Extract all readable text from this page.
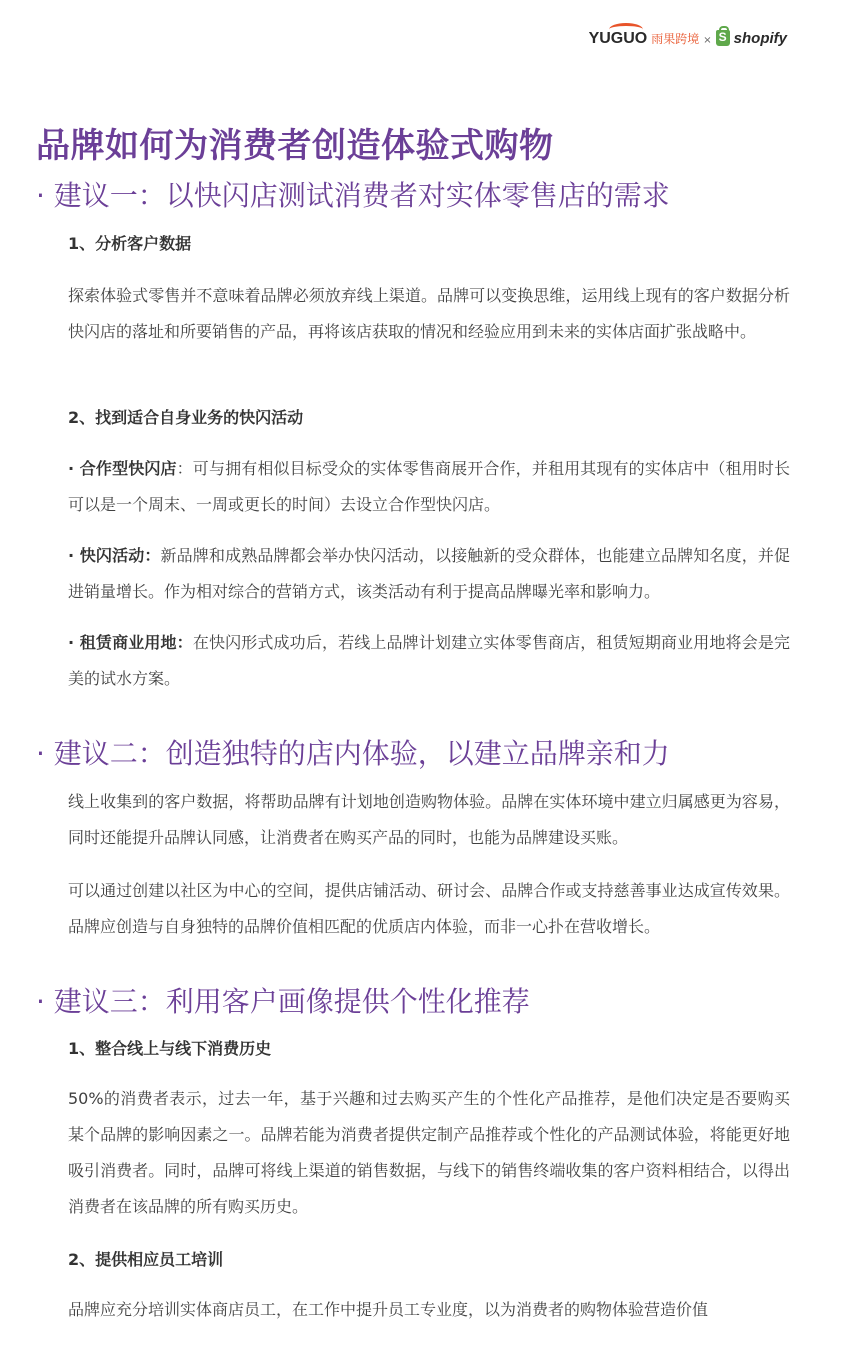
YUGUO 雨果跨境 ×
S shopify
品牌如何为消费者创造体验式购物
· 建议一：以快闪店测试消费者对实体零售店的需求

1、分析客户数据

探索体验式零售并不意味着品牌必须放弃线上渠道。品牌可以变换思维，运用线上现有的客户数据分析快闪店的落址和所要销售的产品，再将该店获取的情况和经验应用到未来的实体店面扩张战略中。

2、找到适合自身业务的快闪活动

· 合作型快闪店：可与拥有相似目标受众的实体零售商展开合作，并租用其现有的实体店中（租用时长可以是一个周末、一周或更长的时间）去设立合作型快闪店。

· 快闪活动：新品牌和成熟品牌都会举办快闪活动，以接触新的受众群体，也能建立品牌知名度，并促进销量增长。作为相对综合的营销方式，该类活动有利于提高品牌曝光率和影响力。

· 租赁商业用地：在快闪形式成功后，若线上品牌计划建立实体零售商店，租赁短期商业用地将会是完美的试水方案。

· 建议二：创造独特的店内体验，以建立品牌亲和力

线上收集到的客户数据，将帮助品牌有计划地创造购物体验。品牌在实体环境中建立归属感更为容易，同时还能提升品牌认同感，让消费者在购买产品的同时，也能为品牌建设买账。

可以通过创建以社区为中心的空间，提供店铺活动、研讨会、品牌合作或支持慈善事业达成宣传效果。品牌应创造与自身独特的品牌价值相匹配的优质店内体验，而非一心扑在营收增长。

· 建议三：利用客户画像提供个性化推荐

1、整合线上与线下消费历史

50%的消费者表示，过去一年，基于兴趣和过去购买产生的个性化产品推荐，是他们决定是否要购买某个品牌的影响因素之一。品牌若能为消费者提供定制产品推荐或个性化的产品测试体验，将能更好地吸引消费者。同时，品牌可将线上渠道的销售数据，与线下的销售终端收集的客户资料相结合，以得出消费者在该品牌的所有购买历史。

2、提供相应员工培训

品牌应充分培训实体商店员工，在工作中提升员工专业度，以为消费者的购物体验营造价值
